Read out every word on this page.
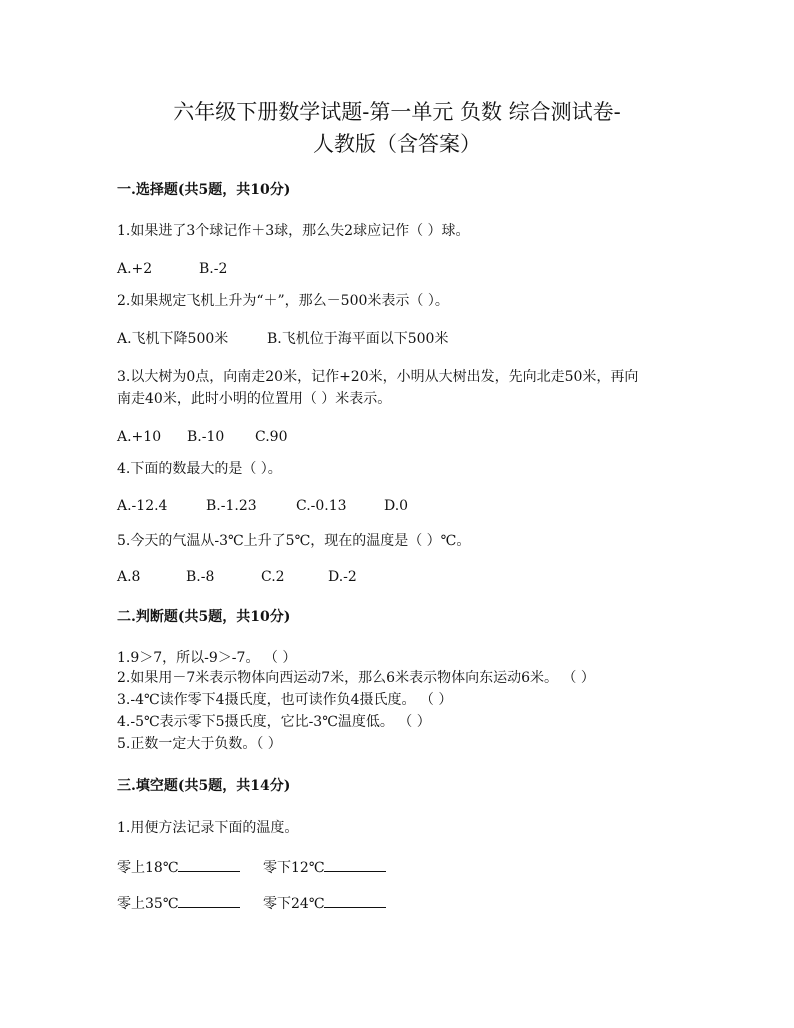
六年级下册数学试题-第一单元 负数 综合测试卷-
人教版（含答案）

一.选择题(共5题，共10分)

1.如果进了3个球记作＋3球，那么失2球应记作（ ）球。

A.+2	B.-2

2.如果规定飞机上升为“＋”，那么－500米表示（ ）。

A.飞机下降500米	B.飞机位于海平面以下500米

3.以大树为0点，向南走20米，记作+20米，小明从大树出发，先向北走50米，再向

南走40米，此时小明的位置用（ ）米表示。

A.+10 B.-10 C.90

4.下面的数最大的是（ ）。

A.-12.4	B.-1.23	C.-0.13	D.0

5.今天的气温从-3℃上升了5℃，现在的温度是（ ）℃。

A.8	B.-8	C.2	D.-2

二.判断题(共5题，共10分)

1.9＞7，所以-9＞-7。 （ ）

2.如果用－7米表示物体向西运动7米，那么6米表示物体向东运动6米。 （ ）

3.-4℃读作零下4摄氏度，也可读作负4摄氏度。 （ ）

4.-5℃表示零下5摄氏度，它比-3℃温度低。 （ ）

5.正数一定大于负数。（ ）

三.填空题(共5题，共14分)

1.用便方法记录下面的温度。

零上18℃	零下12℃

零上35℃	零下24℃
